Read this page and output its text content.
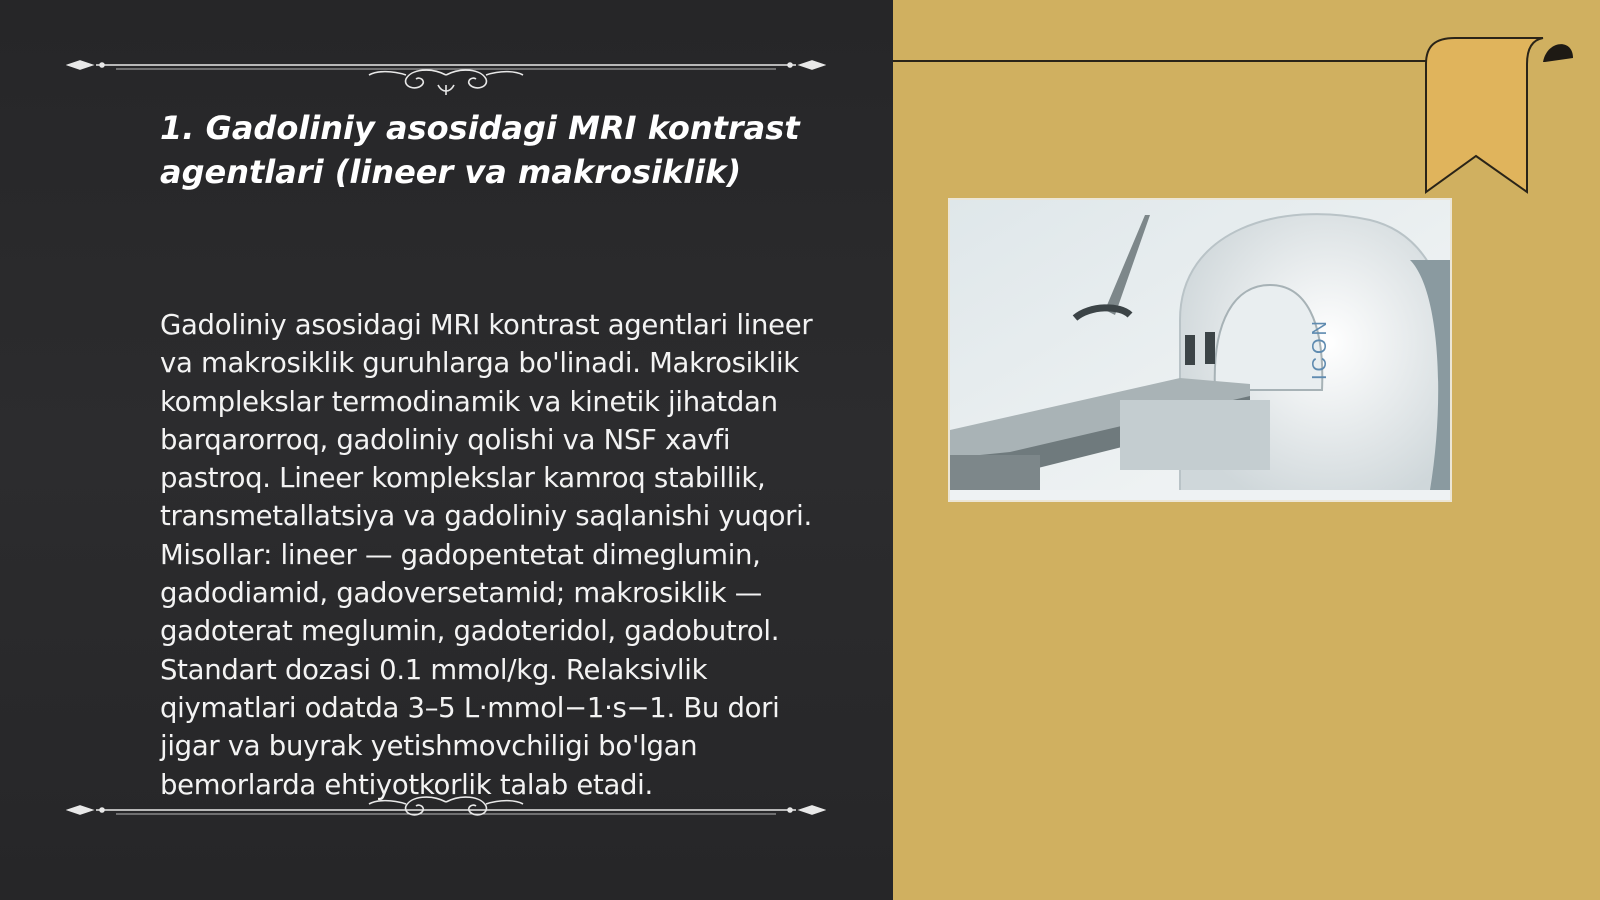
1. Gadoliniy asosidagi MRI kontrast agentlari (lineer va makrosiklik)

Gadoliniy asosidagi MRI kontrast agentlari lineer va makrosiklik guruhlarga bo'linadi. Makrosiklik komplekslar termodinamik va kinetik jihatdan barqarorroq, gadoliniy qolishi va NSF xavfi pastroq. Lineer komplekslar kamroq stabillik, transmetallatsiya va gadoliniy saqlanishi yuqori. Misollar: lineer — gadopentetat dimeglumin, gadodiamid, gadoversetamid; makrosiklik — gadoterat meglumin, gadoteridol, gadobutrol. Standart dozasi 0.1 mmol/kg. Relaksivlik qiymatlari odatda 3–5 L·mmol−1·s−1. Bu dori jigar va buyrak yetishmovchiligi bo'lgan bemorlarda ehtiyotkorlik talab etadi.

ICON
